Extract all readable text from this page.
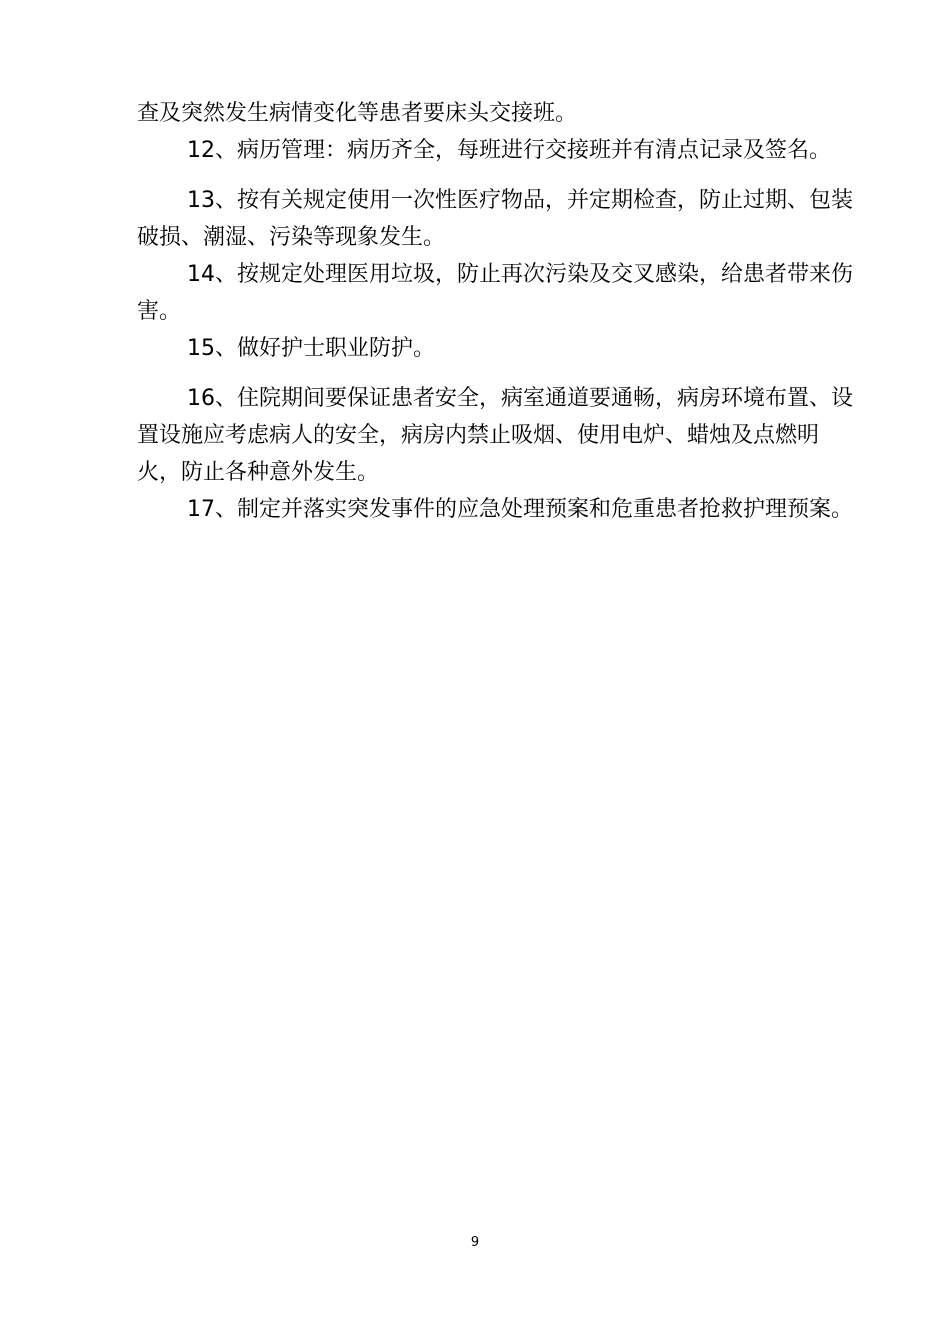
查及突然发生病情变化等患者要床头交接班。

12、病历管理：病历齐全，每班进行交接班并有清点记录及签名。

13、按有关规定使用一次性医疗物品，并定期检查，防止过期、包装破损、潮湿、污染等现象发生。

14、按规定处理医用垃圾，防止再次污染及交叉感染，给患者带来伤害。

15、做好护士职业防护。

16、住院期间要保证患者安全，病室通道要通畅，病房环境布置、设置设施应考虑病人的安全，病房内禁止吸烟、使用电炉、蜡烛及点燃明火，防止各种意外发生。

17、制定并落实突发事件的应急处理预案和危重患者抢救护理预案。

9
